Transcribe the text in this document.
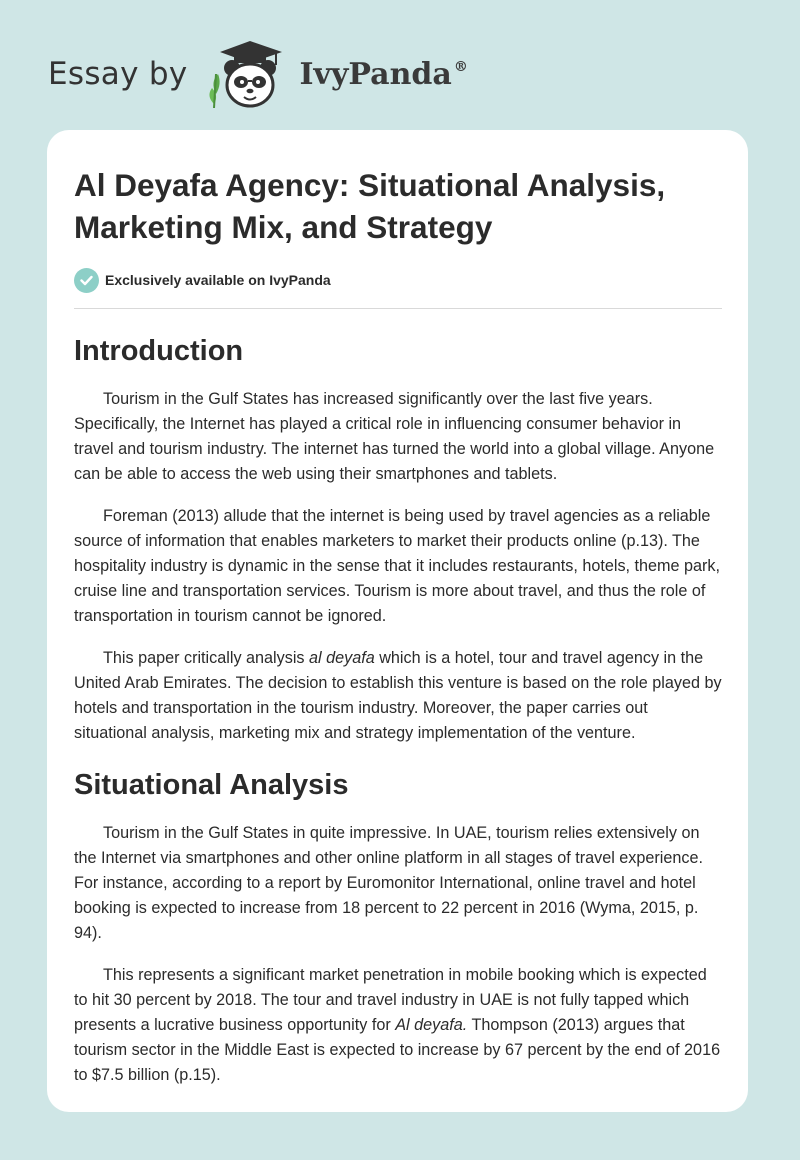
Essay by	IvyPanda®
Al Deyafa Agency: Situational Analysis,
Marketing Mix, and Strategy
Exclusively available on IvyPanda
Introduction

Tourism in the Gulf States has increased significantly over the last five years. Specifically, the Internet has played a critical role in influencing consumer behavior in travel and tourism industry. The internet has turned the world into a global village. Anyone can be able to access the web using their smartphones and tablets.

Foreman (2013) allude that the internet is being used by travel agencies as a reliable source of information that enables marketers to market their products online (p.13). The hospitality industry is dynamic in the sense that it includes restaurants, hotels, theme park, cruise line and transportation services. Tourism is more about travel, and thus the role of transportation in tourism cannot be ignored.

This paper critically analysis al deyafa which is a hotel, tour and travel agency in the United Arab Emirates. The decision to establish this venture is based on the role played by hotels and transportation in the tourism industry. Moreover, the paper carries out situational analysis, marketing mix and strategy implementation of the venture.

Situational Analysis

Tourism in the Gulf States in quite impressive. In UAE, tourism relies extensively on the Internet via smartphones and other online platform in all stages of travel experience. For instance, according to a report by Euromonitor International, online travel and hotel booking is expected to increase from 18 percent to 22 percent in 2016 (Wyma, 2015, p. 94).

This represents a significant market penetration in mobile booking which is expected to hit 30 percent by 2018. The tour and travel industry in UAE is not fully tapped which presents a lucrative business opportunity for Al deyafa. Thompson (2013) argues that tourism sector in the Middle East is expected to increase by 67 percent by the end of 2016 to $7.5 billion (p.15).
